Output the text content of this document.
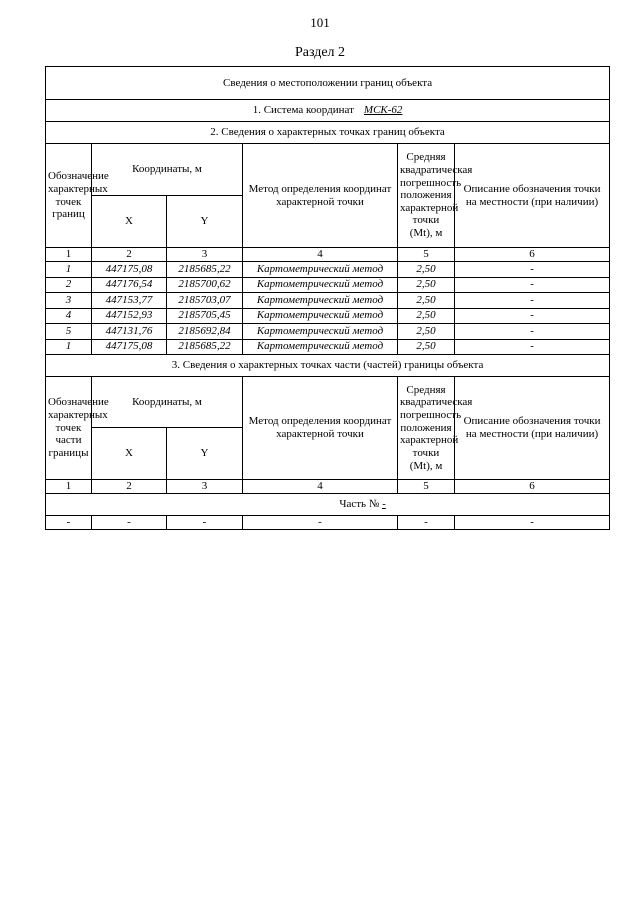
101
Раздел 2
Сведения о местоположении границ объекта					
1. Система координат МСК-62					
2. Сведения о характерных точках границ объекта					
Обозначение характерных точек границ	Координаты, м		Метод определения координат характерной точки	Средняя квадратическая погрешность положения характерной точки (Mt), м	Описание обозначения точки на местности (при наличии)
	X	Y			
1	2	3	4	5	6
1	447175,08	2185685,22	Картометрический метод	2,50	-
2	447176,54	2185700,62	Картометрический метод	2,50	-
3	447153,77	2185703,07	Картометрический метод	2,50	-
4	447152,93	2185705,45	Картометрический метод	2,50	-
5	447131,76	2185692,84	Картометрический метод	2,50	-
1	447175,08	2185685,22	Картометрический метод	2,50	-
3. Сведения о характерных точках части (частей) границы объекта					
Обозначение характерных точек части границы	Координаты, м		Метод определения координат характерной точки	Средняя квадратическая погрешность положения характерной точки (Mt), м	Описание обозначения точки на местности (при наличии)
	X	Y			
1	2	3	4	5	6
Часть № -					
-	-	-	-	-	-
